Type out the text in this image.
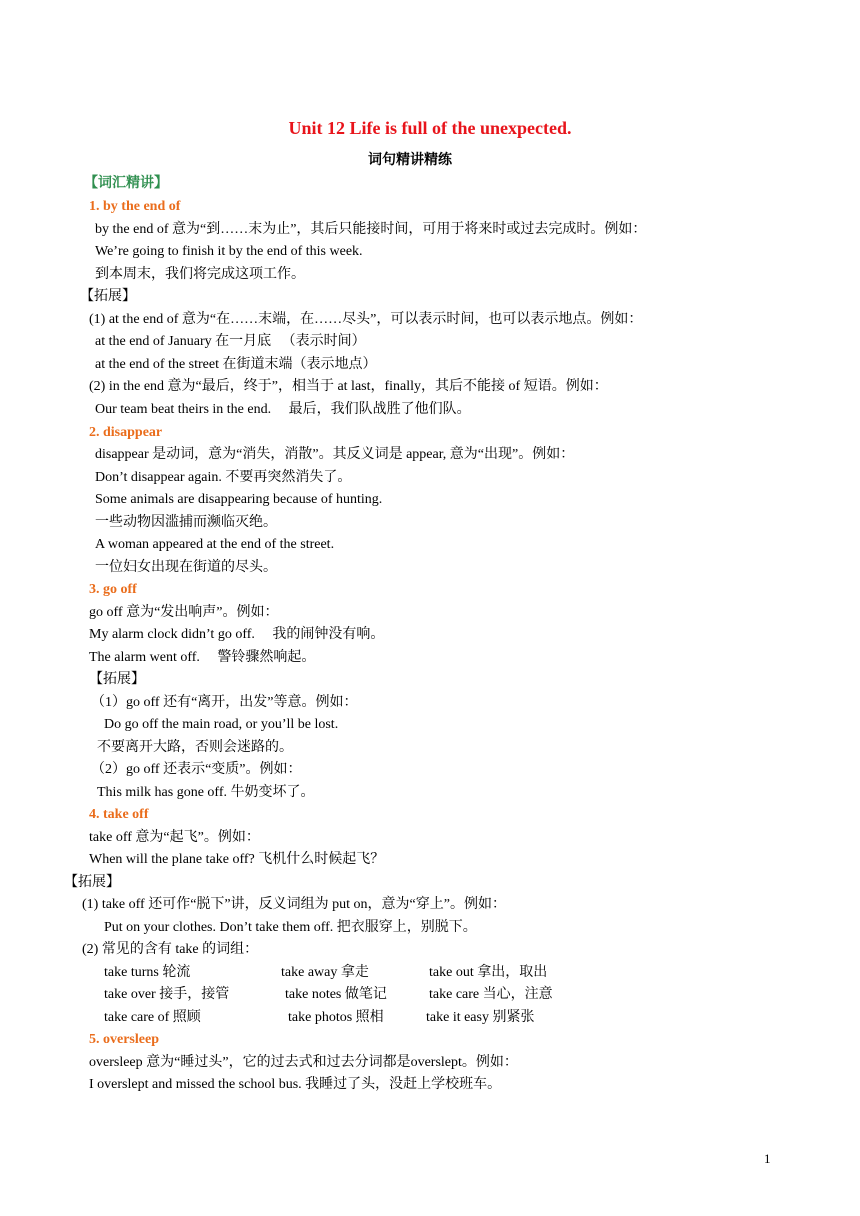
Unit 12 Life is full of the unexpected.
词句精讲精练
【词汇精讲】
1. by the end of
by the end of 意为“到……末为止”，其后只能接时间，可用于将来时或过去完成时。例如：
We’re going to finish it by the end of this week.
到本周末，我们将完成这项工作。
【拓展】
(1) at the end of 意为“在……末端，在……尽头”，可以表示时间，也可以表示地点。例如：
at the end of January 在一月底 　（表示时间）
at the end of the street 在街道末端（表示地点）
(2) in the end 意为“最后，终于”，相当于 at last，finally，其后不能接 of 短语。例如：
Our team beat theirs in the end. 　最后，我们队战胜了他们队。
2. disappear
disappear 是动词，意为“消失，消散”。其反义词是 appear, 意为“出现”。例如：
Don’t disappear again. 不要再突然消失了。
Some animals are disappearing because of hunting.
一些动物因滥捕而濒临灭绝。
A woman appeared at the end of the street.
一位妇女出现在街道的尽头。
3. go off
go off 意为“发出响声”。例如：
My alarm clock didn’t go off. 　我的闹钟没有响。
The alarm went off. 　警铃骤然响起。
【拓展】
（1）go off 还有“离开，出发”等意。例如：
Do go off the main road, or you’ll be lost.
不要离开大路，否则会迷路的。
（2）go off 还表示“变质”。例如：
This milk has gone off. 牛奶变坏了。
4. take off
take off 意为“起飞”。例如：
When will the plane take off? 飞机什么时候起飞？
【拓展】
(1) take off 还可作“脱下”讲，反义词组为 put on，意为“穿上”。例如：
Put on your clothes. Don’t take them off. 把衣服穿上，别脱下。
(2) 常见的含有 take 的词组：
take turns 轮流	take away 拿走	take out 拿出，取出
take over 接手，接管	take notes 做笔记	take care 当心，注意
take care of 照顾	take photos 照相	take it easy 别紧张
5. oversleep
oversleep 意为“睡过头”，它的过去式和过去分词都是overslept。例如：
I overslept and missed the school bus. 我睡过了头，没赶上学校班车。
1
